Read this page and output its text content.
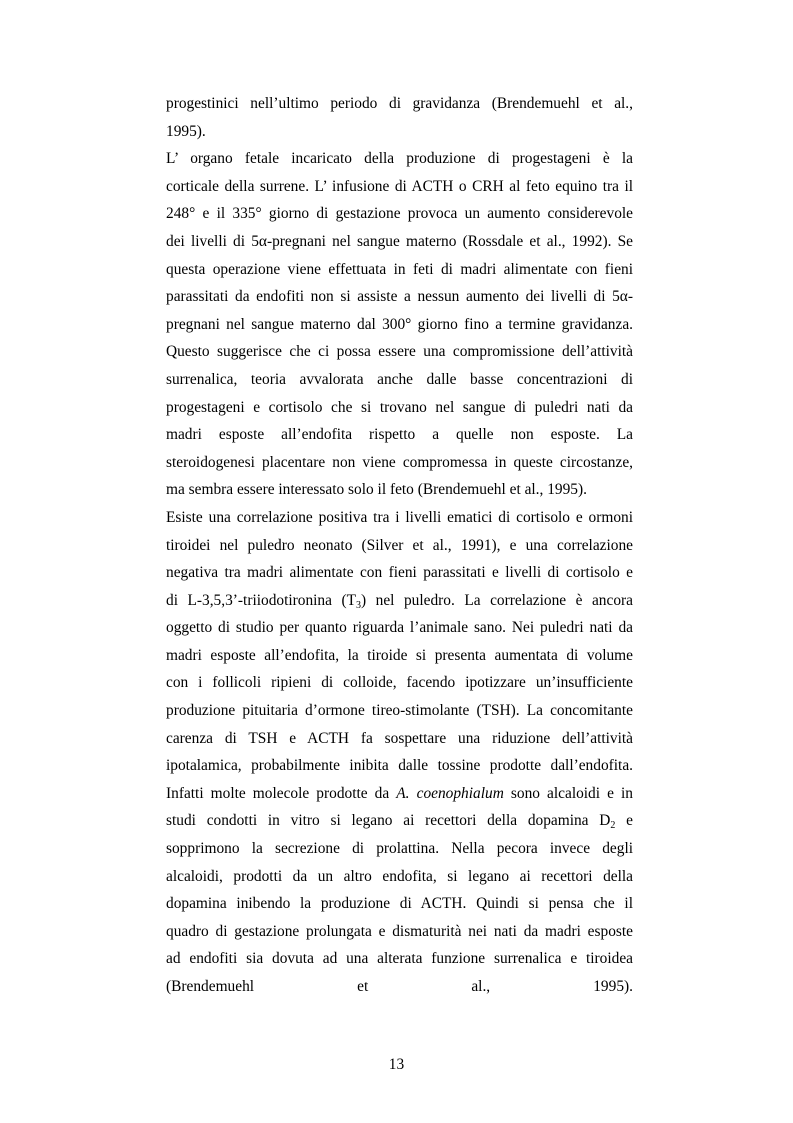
progestinici nell’ultimo periodo di gravidanza (Brendemuehl et al.,
1995).

L’ organo fetale incaricato della produzione di progestageni è la
corticale della surrene. L’ infusione di ACTH o CRH al feto equino tra il
248° e il 335° giorno di gestazione provoca un aumento considerevole
dei livelli di 5α-pregnani nel sangue materno (Rossdale et al., 1992). Se
questa operazione viene effettuata in feti di madri alimentate con fieni
parassitati da endofiti non si assiste a nessun aumento dei livelli di 5α-
pregnani nel sangue materno dal 300° giorno fino a termine gravidanza.
Questo suggerisce che ci possa essere una compromissione dell’attività
surrenalica, teoria avvalorata anche dalle basse concentrazioni di
progestageni e cortisolo che si trovano nel sangue di puledri nati da
madri esposte all’endofita rispetto a quelle non esposte. La
steroidogenesi placentare non viene compromessa in queste circostanze,
ma sembra essere interessato solo il feto (Brendemuehl et al., 1995).

Esiste una correlazione positiva tra i livelli ematici di cortisolo e ormoni
tiroidei nel puledro neonato (Silver et al., 1991), e una correlazione
negativa tra madri alimentate con fieni parassitati e livelli di cortisolo e
di L-3,5,3’-triiodotironina $(T_3)$ nel puledro. La correlazione è ancora
oggetto di studio per quanto riguarda l’animale sano. Nei puledri nati da
madri esposte all’endofita, la tiroide si presenta aumentata di volume
con i follicoli ripieni di colloide, facendo ipotizzare un’insufficiente
produzione pituitaria d’ormone tireo-stimolante (TSH). La concomitante
carenza di TSH e ACTH fa sospettare una riduzione dell’attività
ipotalamica, probabilmente inibita dalle tossine prodotte dall’endofita.
Infatti molte molecole prodotte da A. coenophialum sono alcaloidi e in
studi condotti in vitro si legano ai recettori della dopamina $D_2$ e
sopprimono la secrezione di prolattina. Nella pecora invece degli
alcaloidi, prodotti da un altro endofita, si legano ai recettori della
dopamina inibendo la produzione di ACTH. Quindi si pensa che il
quadro di gestazione prolungata e dismaturità nei nati da madri esposte
ad endofiti sia dovuta ad una alterata funzione surrenalica e tiroidea
(Brendemuehl et al., 1995).

13
